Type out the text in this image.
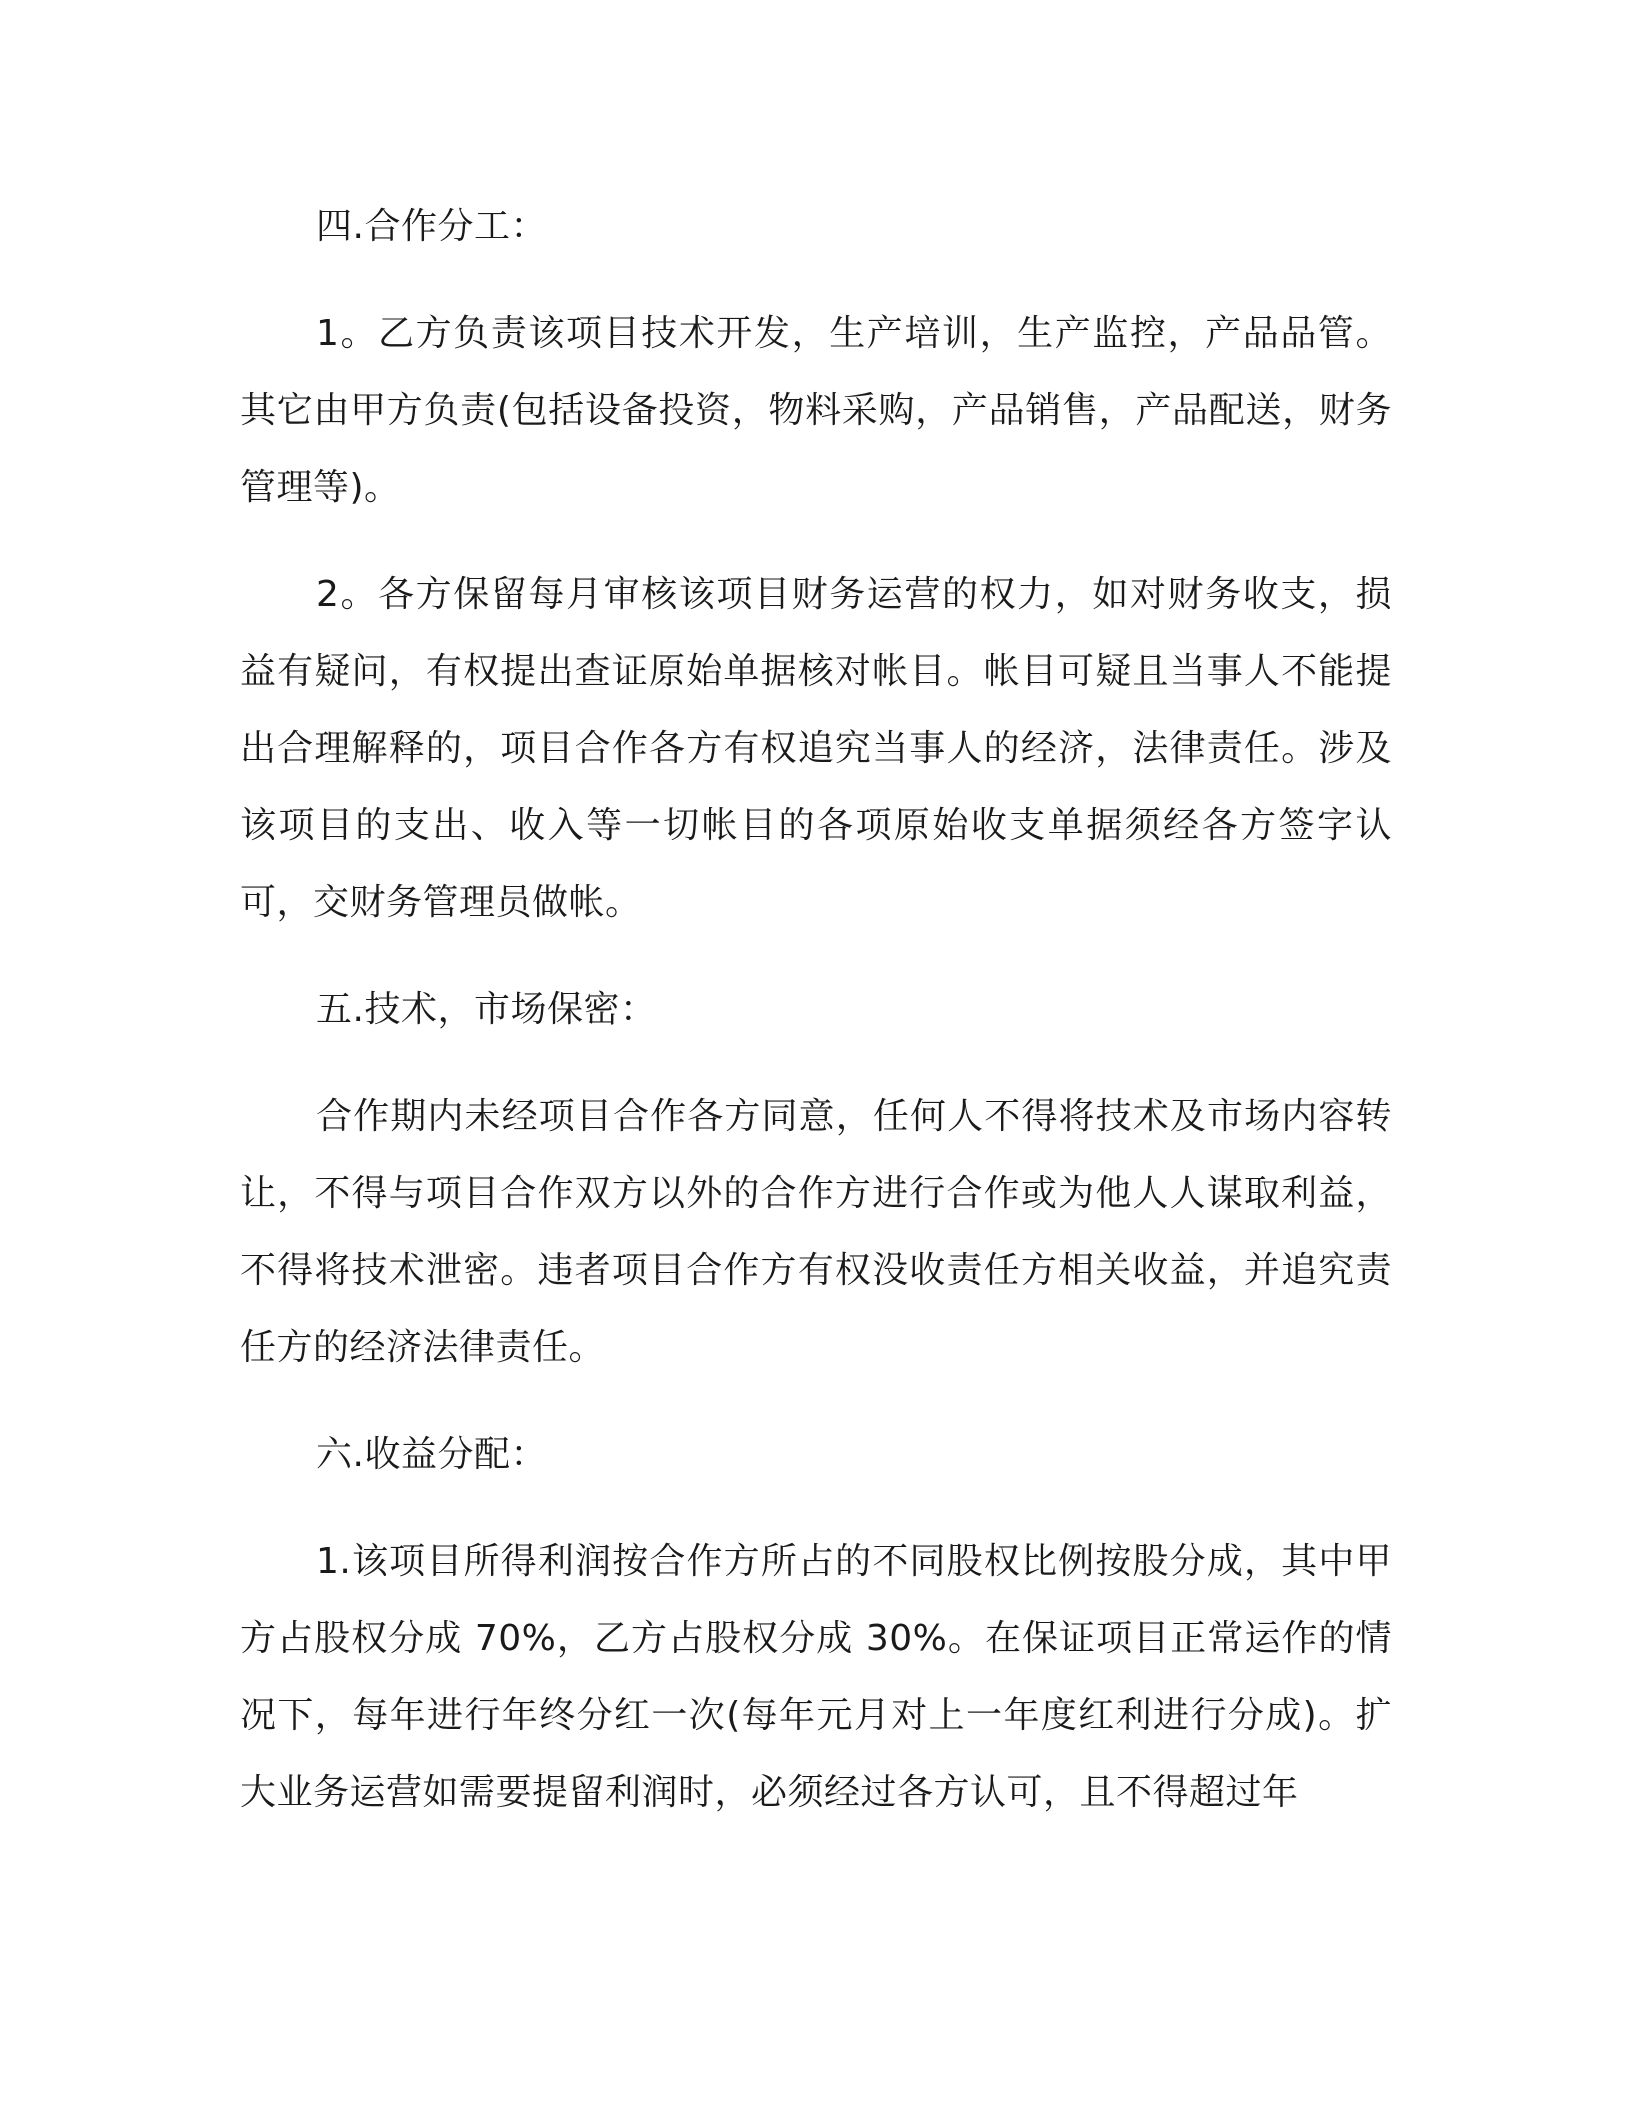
四.合作分工：

1。乙方负责该项目技术开发，生产培训，生产监控，产品品管。其它由甲方负责(包括设备投资，物料采购，产品销售，产品配送，财务管理等)。

2。各方保留每月审核该项目财务运营的权力，如对财务收支，损益有疑问，有权提出查证原始单据核对帐目。帐目可疑且当事人不能提出合理解释的，项目合作各方有权追究当事人的经济，法律责任。涉及该项目的支出、收入等一切帐目的各项原始收支单据须经各方签字认可，交财务管理员做帐。

五.技术，市场保密：

合作期内未经项目合作各方同意，任何人不得将技术及市场内容转让，不得与项目合作双方以外的合作方进行合作或为他人人谋取利益，不得将技术泄密。违者项目合作方有权没收责任方相关收益，并追究责任方的经济法律责任。

六.收益分配：

1.该项目所得利润按合作方所占的不同股权比例按股分成，其中甲方占股权分成 70%，乙方占股权分成 30%。在保证项目正常运作的情况下，每年进行年终分红一次(每年元月对上一年度红利进行分成)。扩大业务运营如需要提留利润时，必须经过各方认可，且不得超过年
